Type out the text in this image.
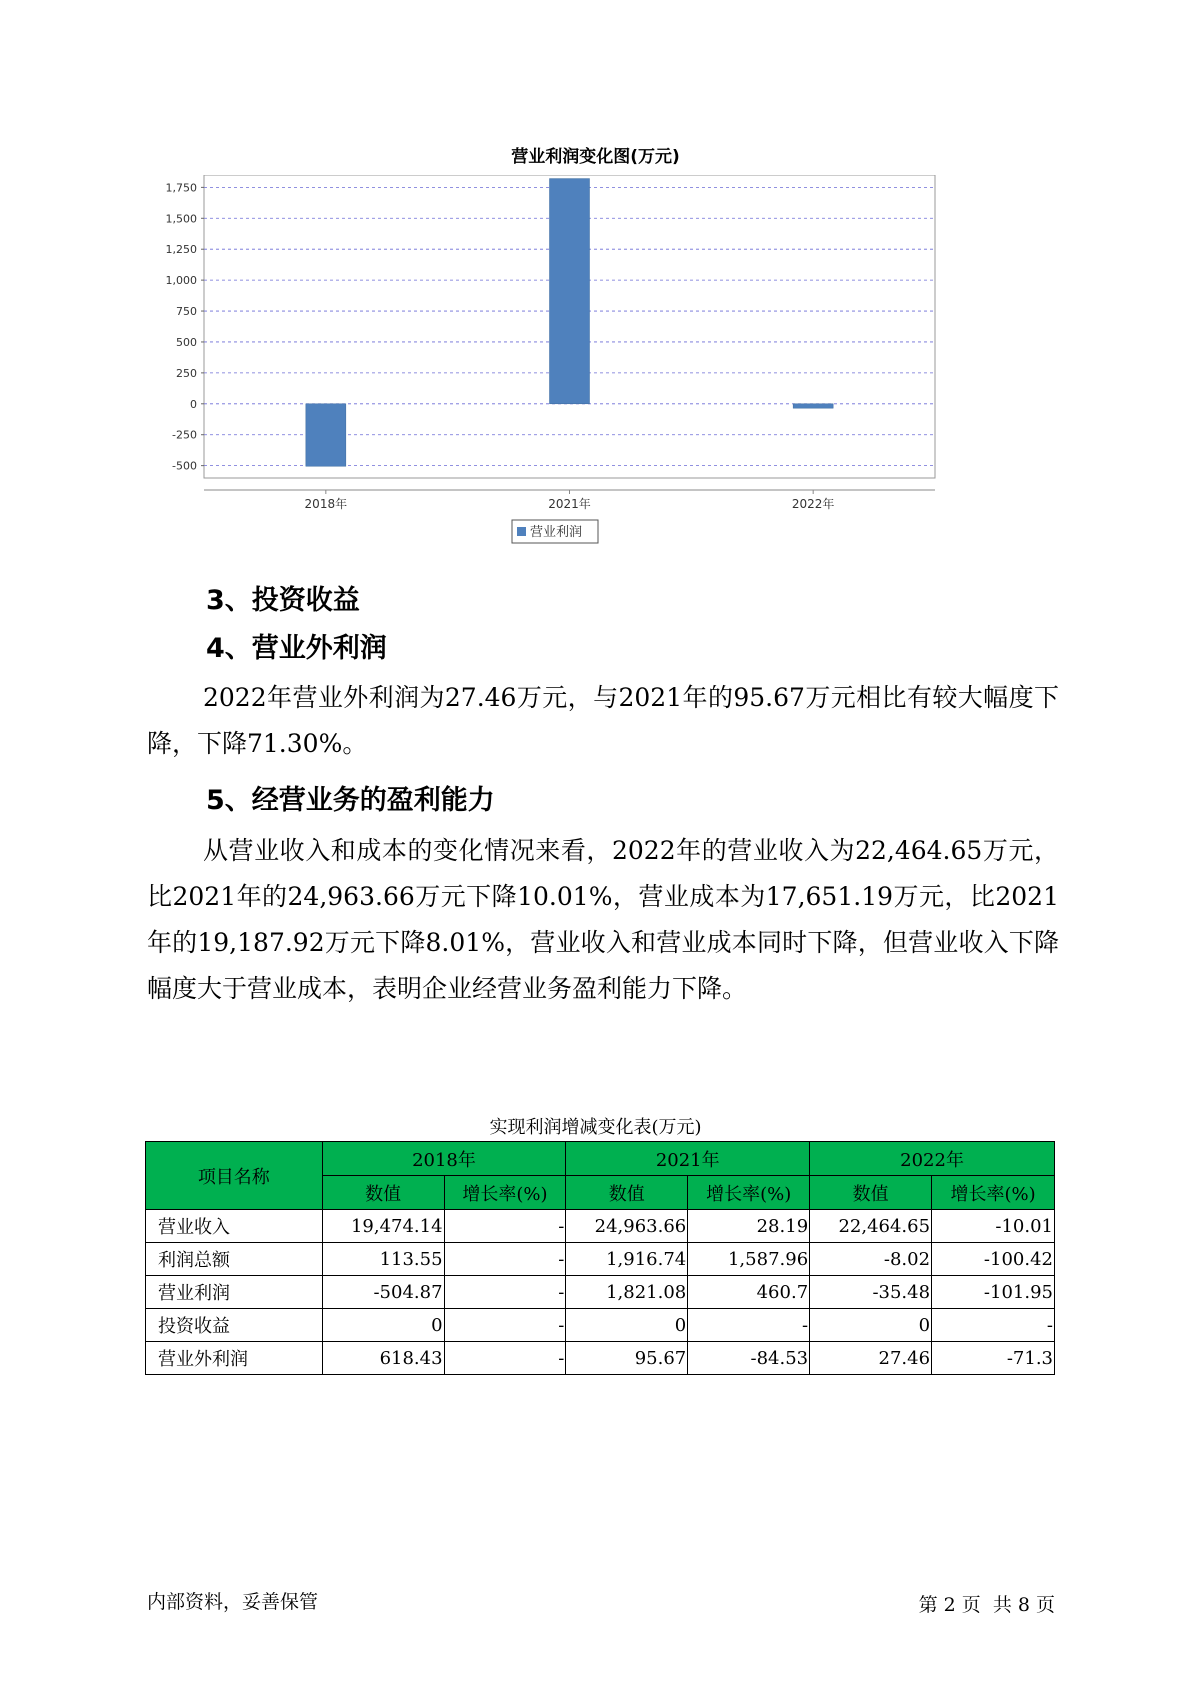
营业利润变化图(万元)
1,750
1,500
1,250
1,000
750
500
250
0
-250
-500
2018年	2021年	2022年
营业利润
3、投资收益
4、营业外利润

2022年营业外利润为27.46万元，与2021年的95.67万元相比有较大幅度下降，下降71.30%。

5、经营业务的盈利能力

从营业收入和成本的变化情况来看，2022年的营业收入为22,464.65万元，比2021年的24,963.66万元下降10.01%，营业成本为17,651.19万元，比2021年的19,187.92万元下降8.01%，营业收入和营业成本同时下降，但营业收入下降幅度大于营业成本，表明企业经营业务盈利能力下降。

实现利润增减变化表(万元)
项目名称	2018年		2021年		2022年	
	数值	增长率(%)	数值	增长率(%)	数值	增长率(%)
营业收入	19,474.14	-	24,963.66	28.19	22,464.65	-10.01
利润总额	113.55	-	1,916.74	1,587.96	-8.02	-100.42
营业利润	-504.87	-	1,821.08	460.7	-35.48	-101.95
投资收益	0	-	0	-	0	-
营业外利润	618.43	-	95.67	-84.53	27.46	-71.3
内部资料，妥善保管	第 2 页  共 8 页
